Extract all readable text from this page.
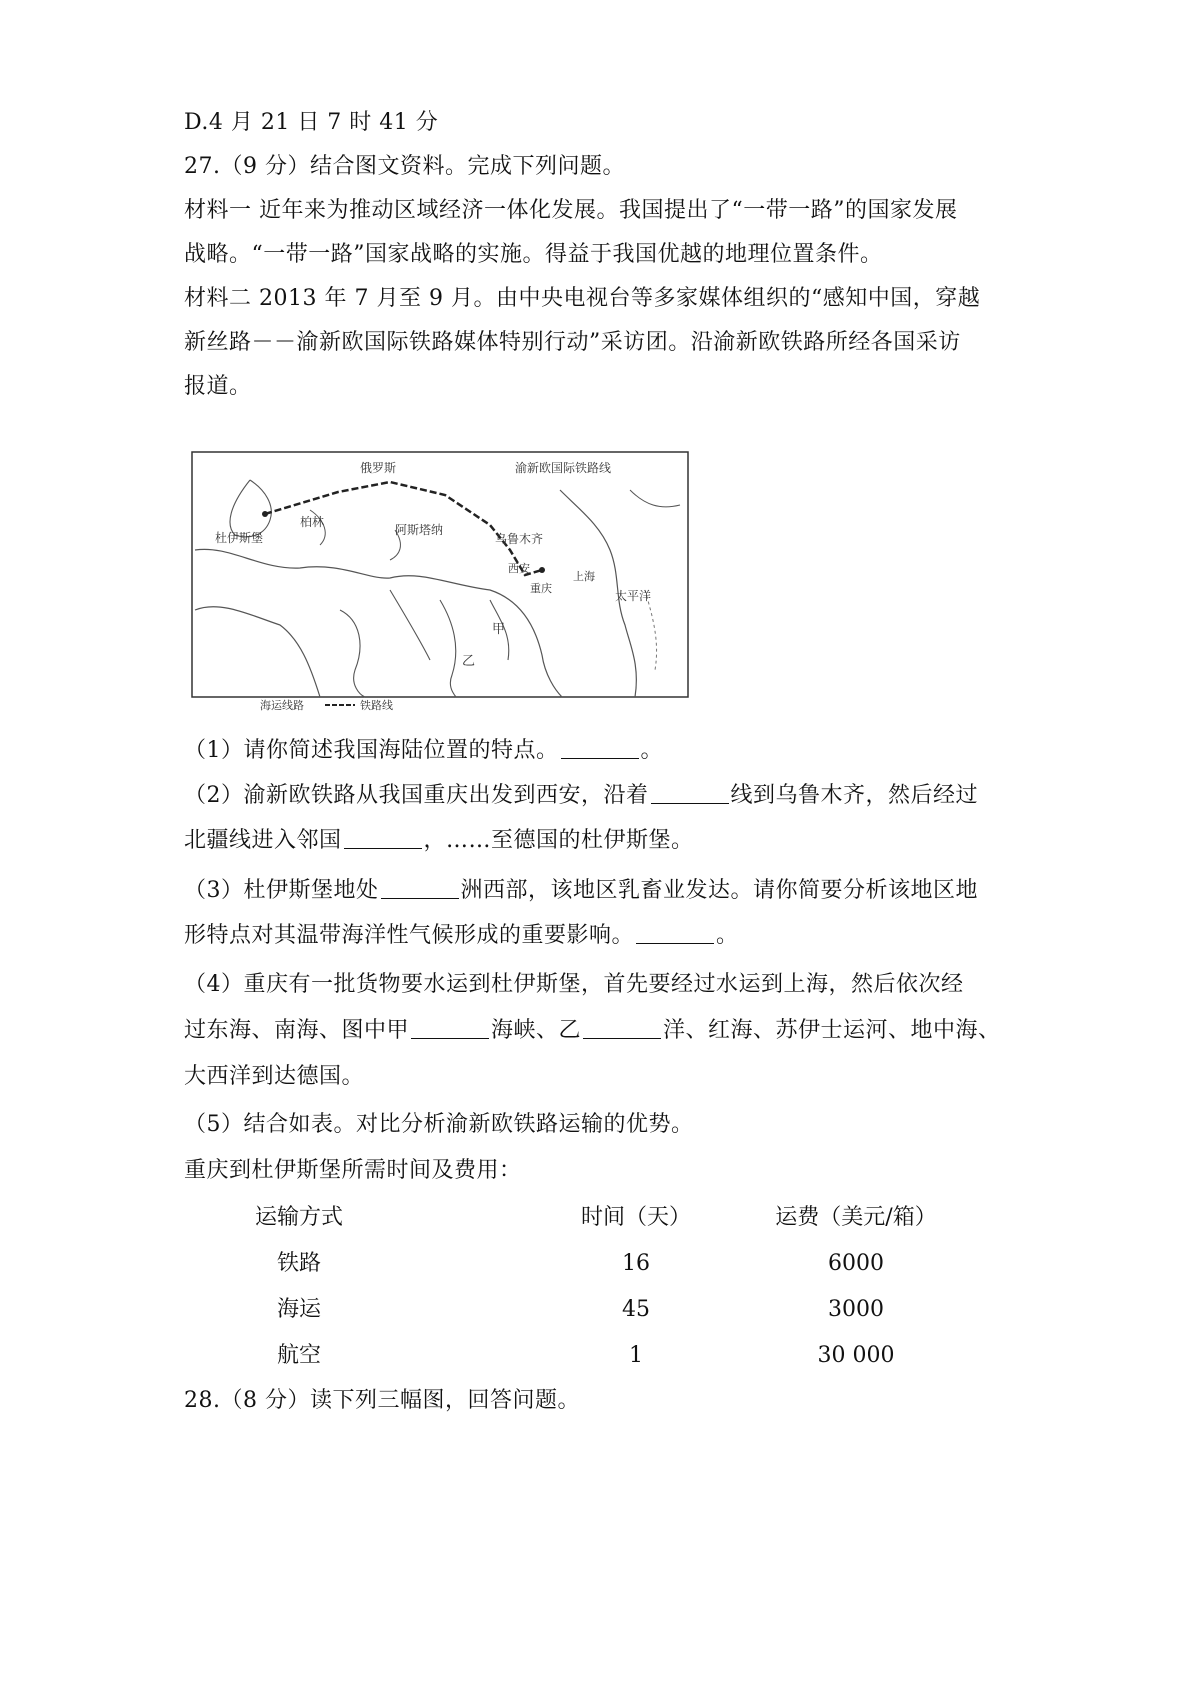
D.4 月 21 日 7 时 41 分
27.（9 分）结合图文资料。完成下列问题。
材料一 近年来为推动区域经济一体化发展。我国提出了“一带一路”的国家发展
战略。“一带一路”国家战略的实施。得益于我国优越的地理位置条件。
材料二 2013 年 7 月至 9 月。由中央电视台等多家媒体组织的“感知中国，穿越
新丝路－－渝新欧国际铁路媒体特别行动”采访团。沿渝新欧铁路所经各国采访
报道。
俄罗斯	渝新欧国际铁路线
柏林
杜伊斯堡
阿斯塔纳
乌鲁木齐
西安
重庆
上海
太平洋
甲
乙
海运线路	铁路线
（1）请你简述我国海陆位置的特点。	。
（2）渝新欧铁路从我国重庆出发到西安，沿着	线到乌鲁木齐，然后经过
北疆线进入邻国	，……至德国的杜伊斯堡。
（3）杜伊斯堡地处	洲西部，该地区乳畜业发达。请你简要分析该地区地
形特点对其温带海洋性气候形成的重要影响。	。
（4）重庆有一批货物要水运到杜伊斯堡，首先要经过水运到上海，然后依次经
过东海、南海、图中甲	海峡、乙	洋、红海、苏伊士运河、地中海、
大西洋到达德国。
（5）结合如表。对比分析渝新欧铁路运输的优势。
重庆到杜伊斯堡所需时间及费用：
运输方式	时间（天）	运费（美元/箱）
铁路	16	6000
海运	45	3000
航空	1	30 000
28.（8 分）读下列三幅图，回答问题。
